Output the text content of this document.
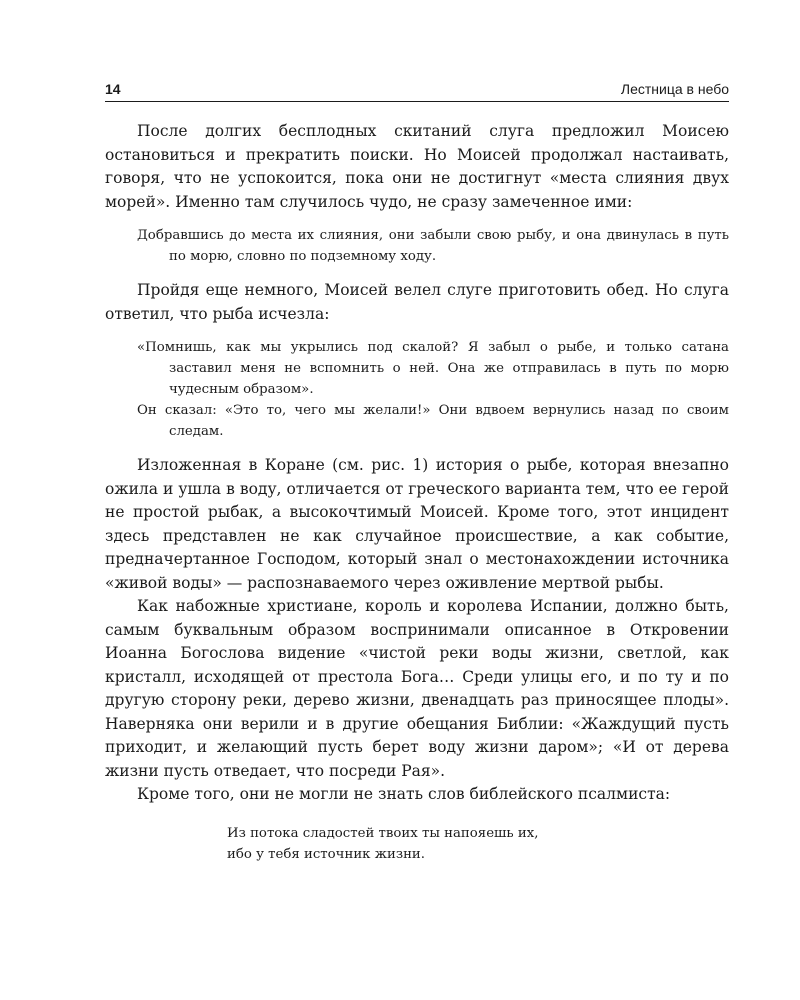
14	Лестница в небо

После долгих бесплодных скитаний слуга предложил Моисею остановиться и прекратить поиски. Но Моисей продолжал настаивать, говоря, что не успокоится, пока они не достигнут «места слияния двух морей». Именно там случилось чудо, не сразу замеченное ими:

Добравшись до места их слияния, они забыли свою рыбу, и она двинулась в путь по морю, словно по подземному ходу.

Пройдя еще немного, Моисей велел слуге приготовить обед. Но слуга ответил, что рыба исчезла:

«Помнишь, как мы укрылись под скалой? Я забыл о рыбе, и только сатана заставил меня не вспомнить о ней. Она же отправилась в путь по морю чудесным образом».

Он сказал: «Это то, чего мы желали!» Они вдвоем вернулись назад по своим следам.

Изложенная в Коране (см. рис. 1) история о рыбе, которая внезапно ожила и ушла в воду, отличается от греческого варианта тем, что ее герой не простой рыбак, а высокочтимый Моисей. Кроме того, этот инцидент здесь представлен не как случайное происшествие, а как событие, предначертанное Господом, который знал о местонахождении источника «живой воды» — распознаваемого через оживление мертвой рыбы.

Как набожные христиане, король и королева Испании, должно быть, самым буквальным образом воспринимали описанное в Откровении Иоанна Богослова видение «чистой реки воды жизни, светлой, как кристалл, исходящей от престола Бога… Среди улицы его, и по ту и по другую сторону реки, дерево жизни, двенадцать раз приносящее плоды». Наверняка они верили и в другие обещания Библии: «Жаждущий пусть приходит, и желающий пусть берет воду жизни даром»; «И от дерева жизни пусть отведает, что посреди Рая».

Кроме того, они не могли не знать слов библейского псалмиста:

Из потока сладостей твоих ты напояешь их,

ибо у тебя источник жизни.
